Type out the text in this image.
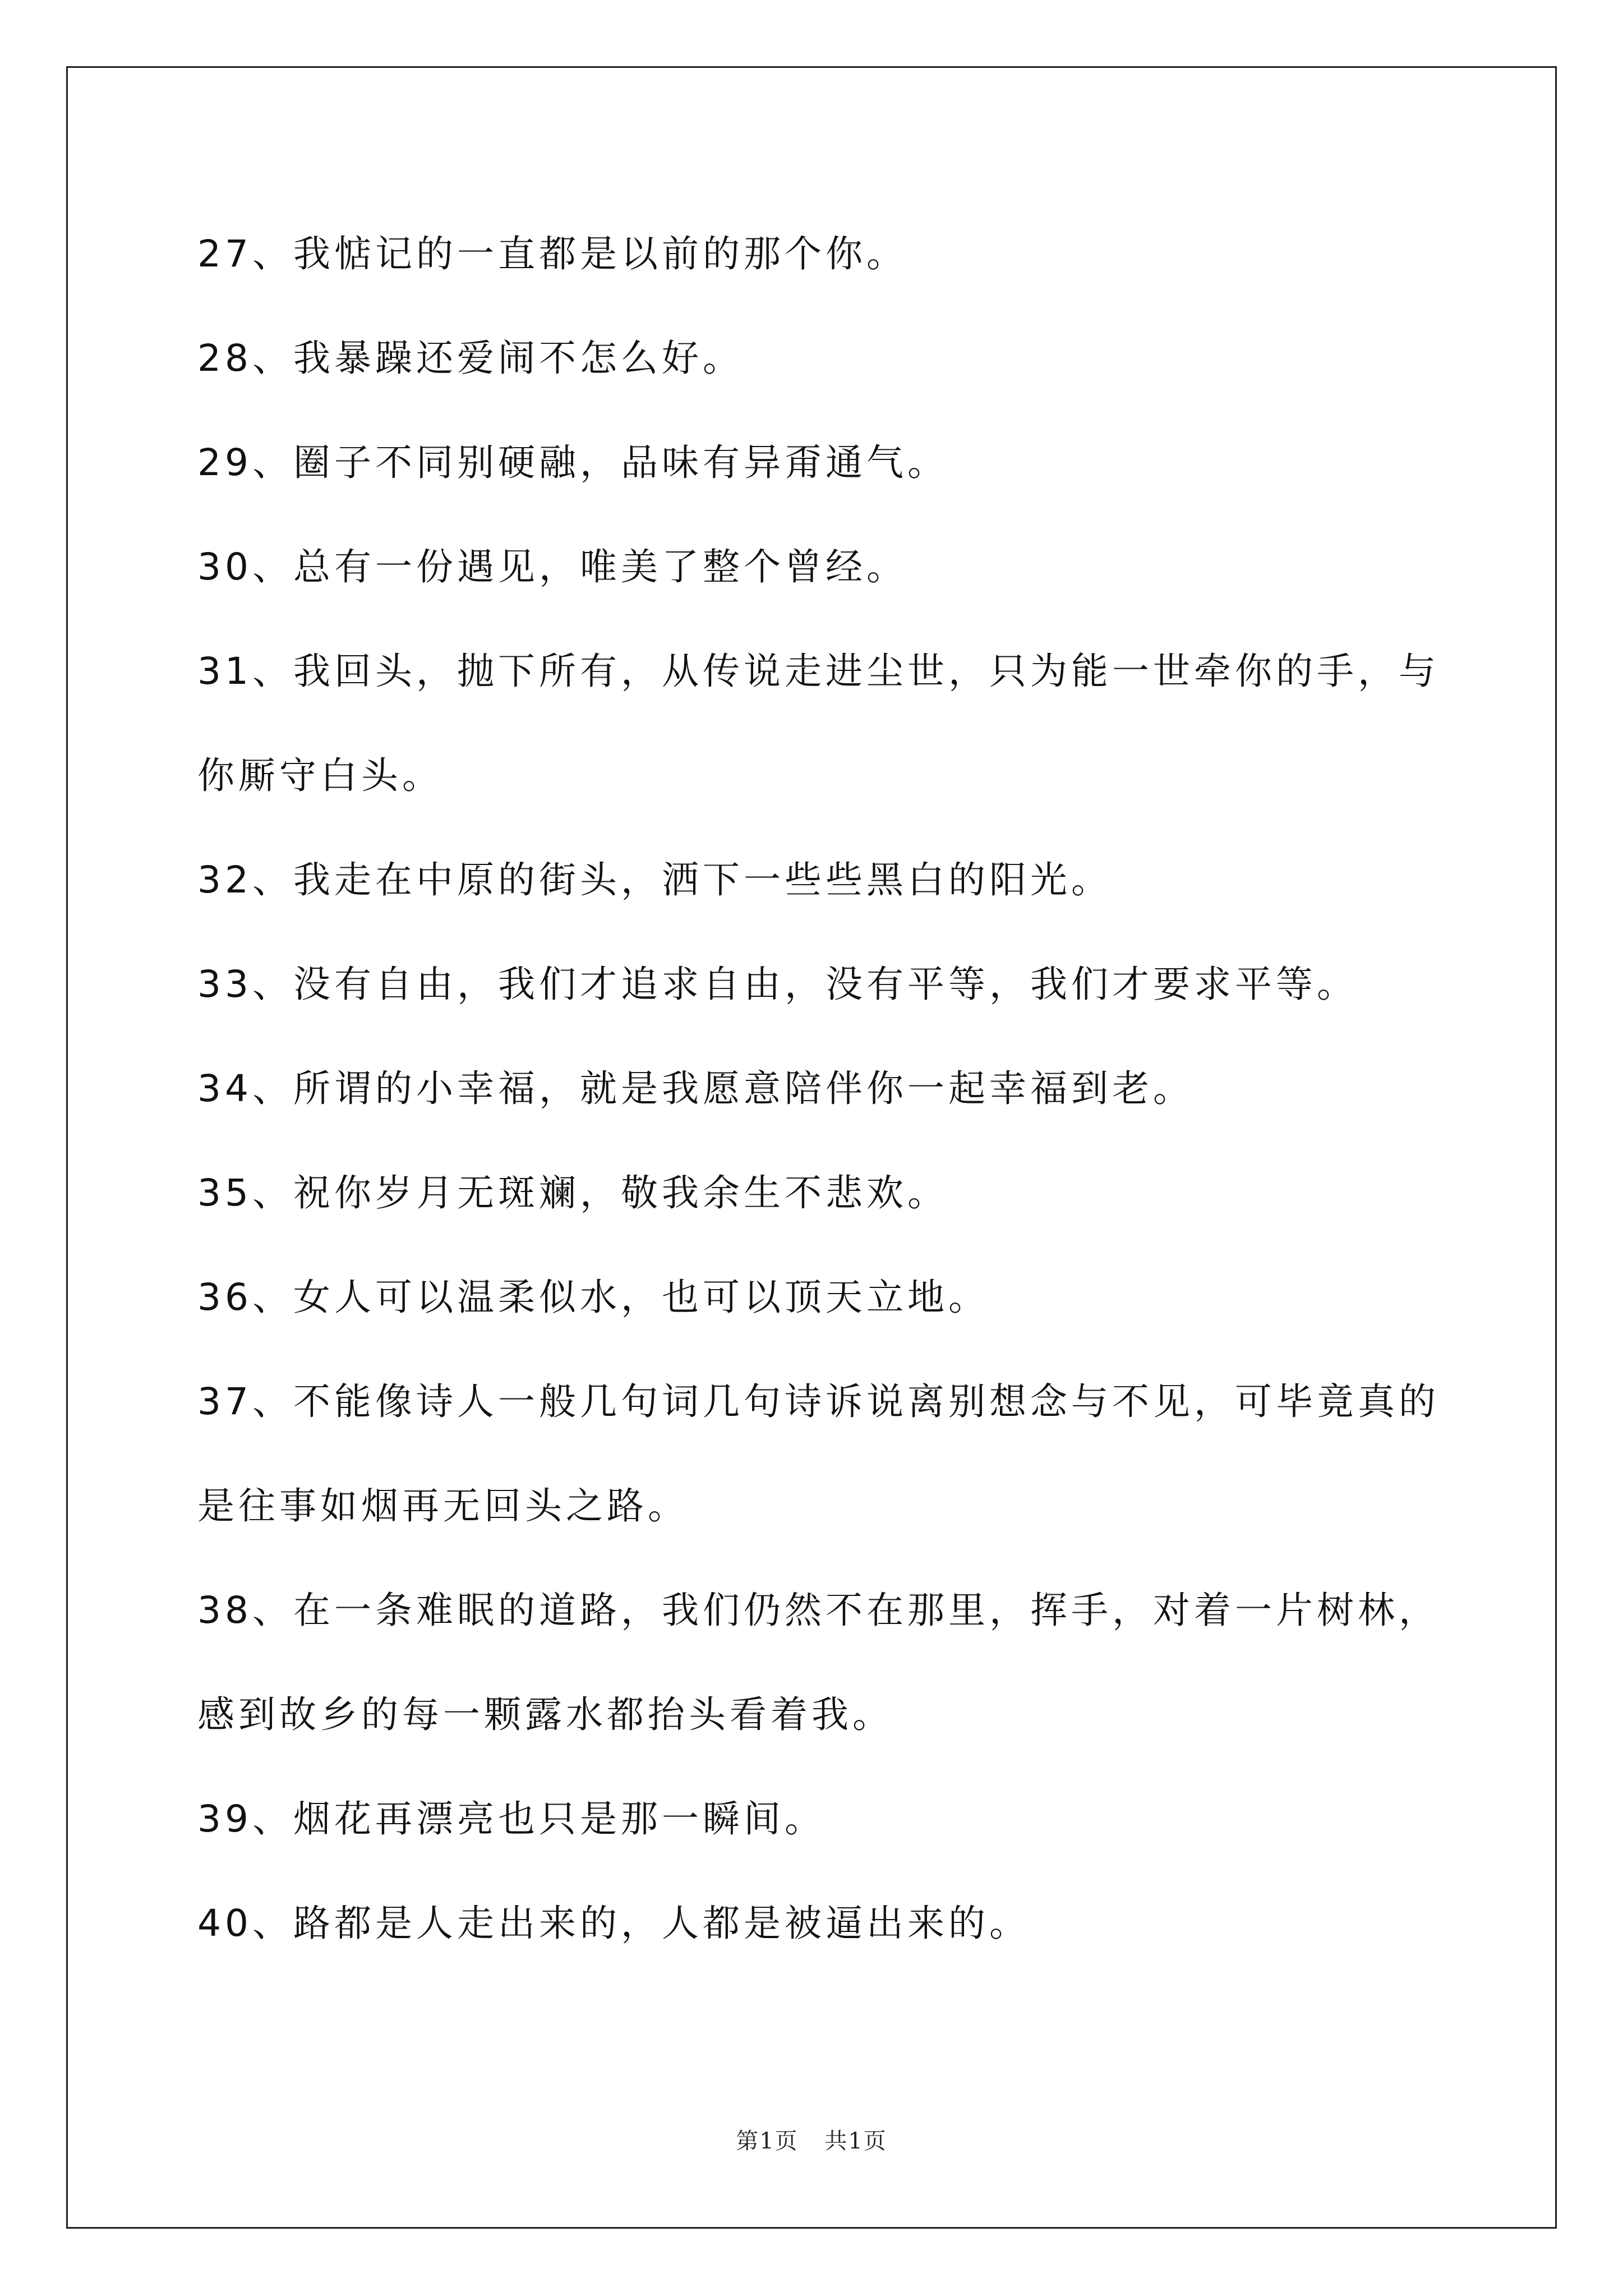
27、我惦记的一直都是以前的那个你。
28、我暴躁还爱闹不怎么好。
29、圈子不同别硬融，品味有异甭通气。
30、总有一份遇见，唯美了整个曾经。
31、我回头，抛下所有，从传说走进尘世，只为能一世牵你的手，与
你厮守白头。
32、我走在中原的街头，洒下一些些黑白的阳光。
33、没有自由，我们才追求自由，没有平等，我们才要求平等。
34、所谓的小幸福，就是我愿意陪伴你一起幸福到老。
35、祝你岁月无斑斓，敬我余生不悲欢。
36、女人可以温柔似水，也可以顶天立地。
37、不能像诗人一般几句词几句诗诉说离别想念与不见，可毕竟真的
是往事如烟再无回头之路。
38、在一条难眠的道路，我们仍然不在那里，挥手，对着一片树林，
感到故乡的每一颗露水都抬头看着我。
39、烟花再漂亮也只是那一瞬间。
40、路都是人走出来的，人都是被逼出来的。
第1页 共1页
